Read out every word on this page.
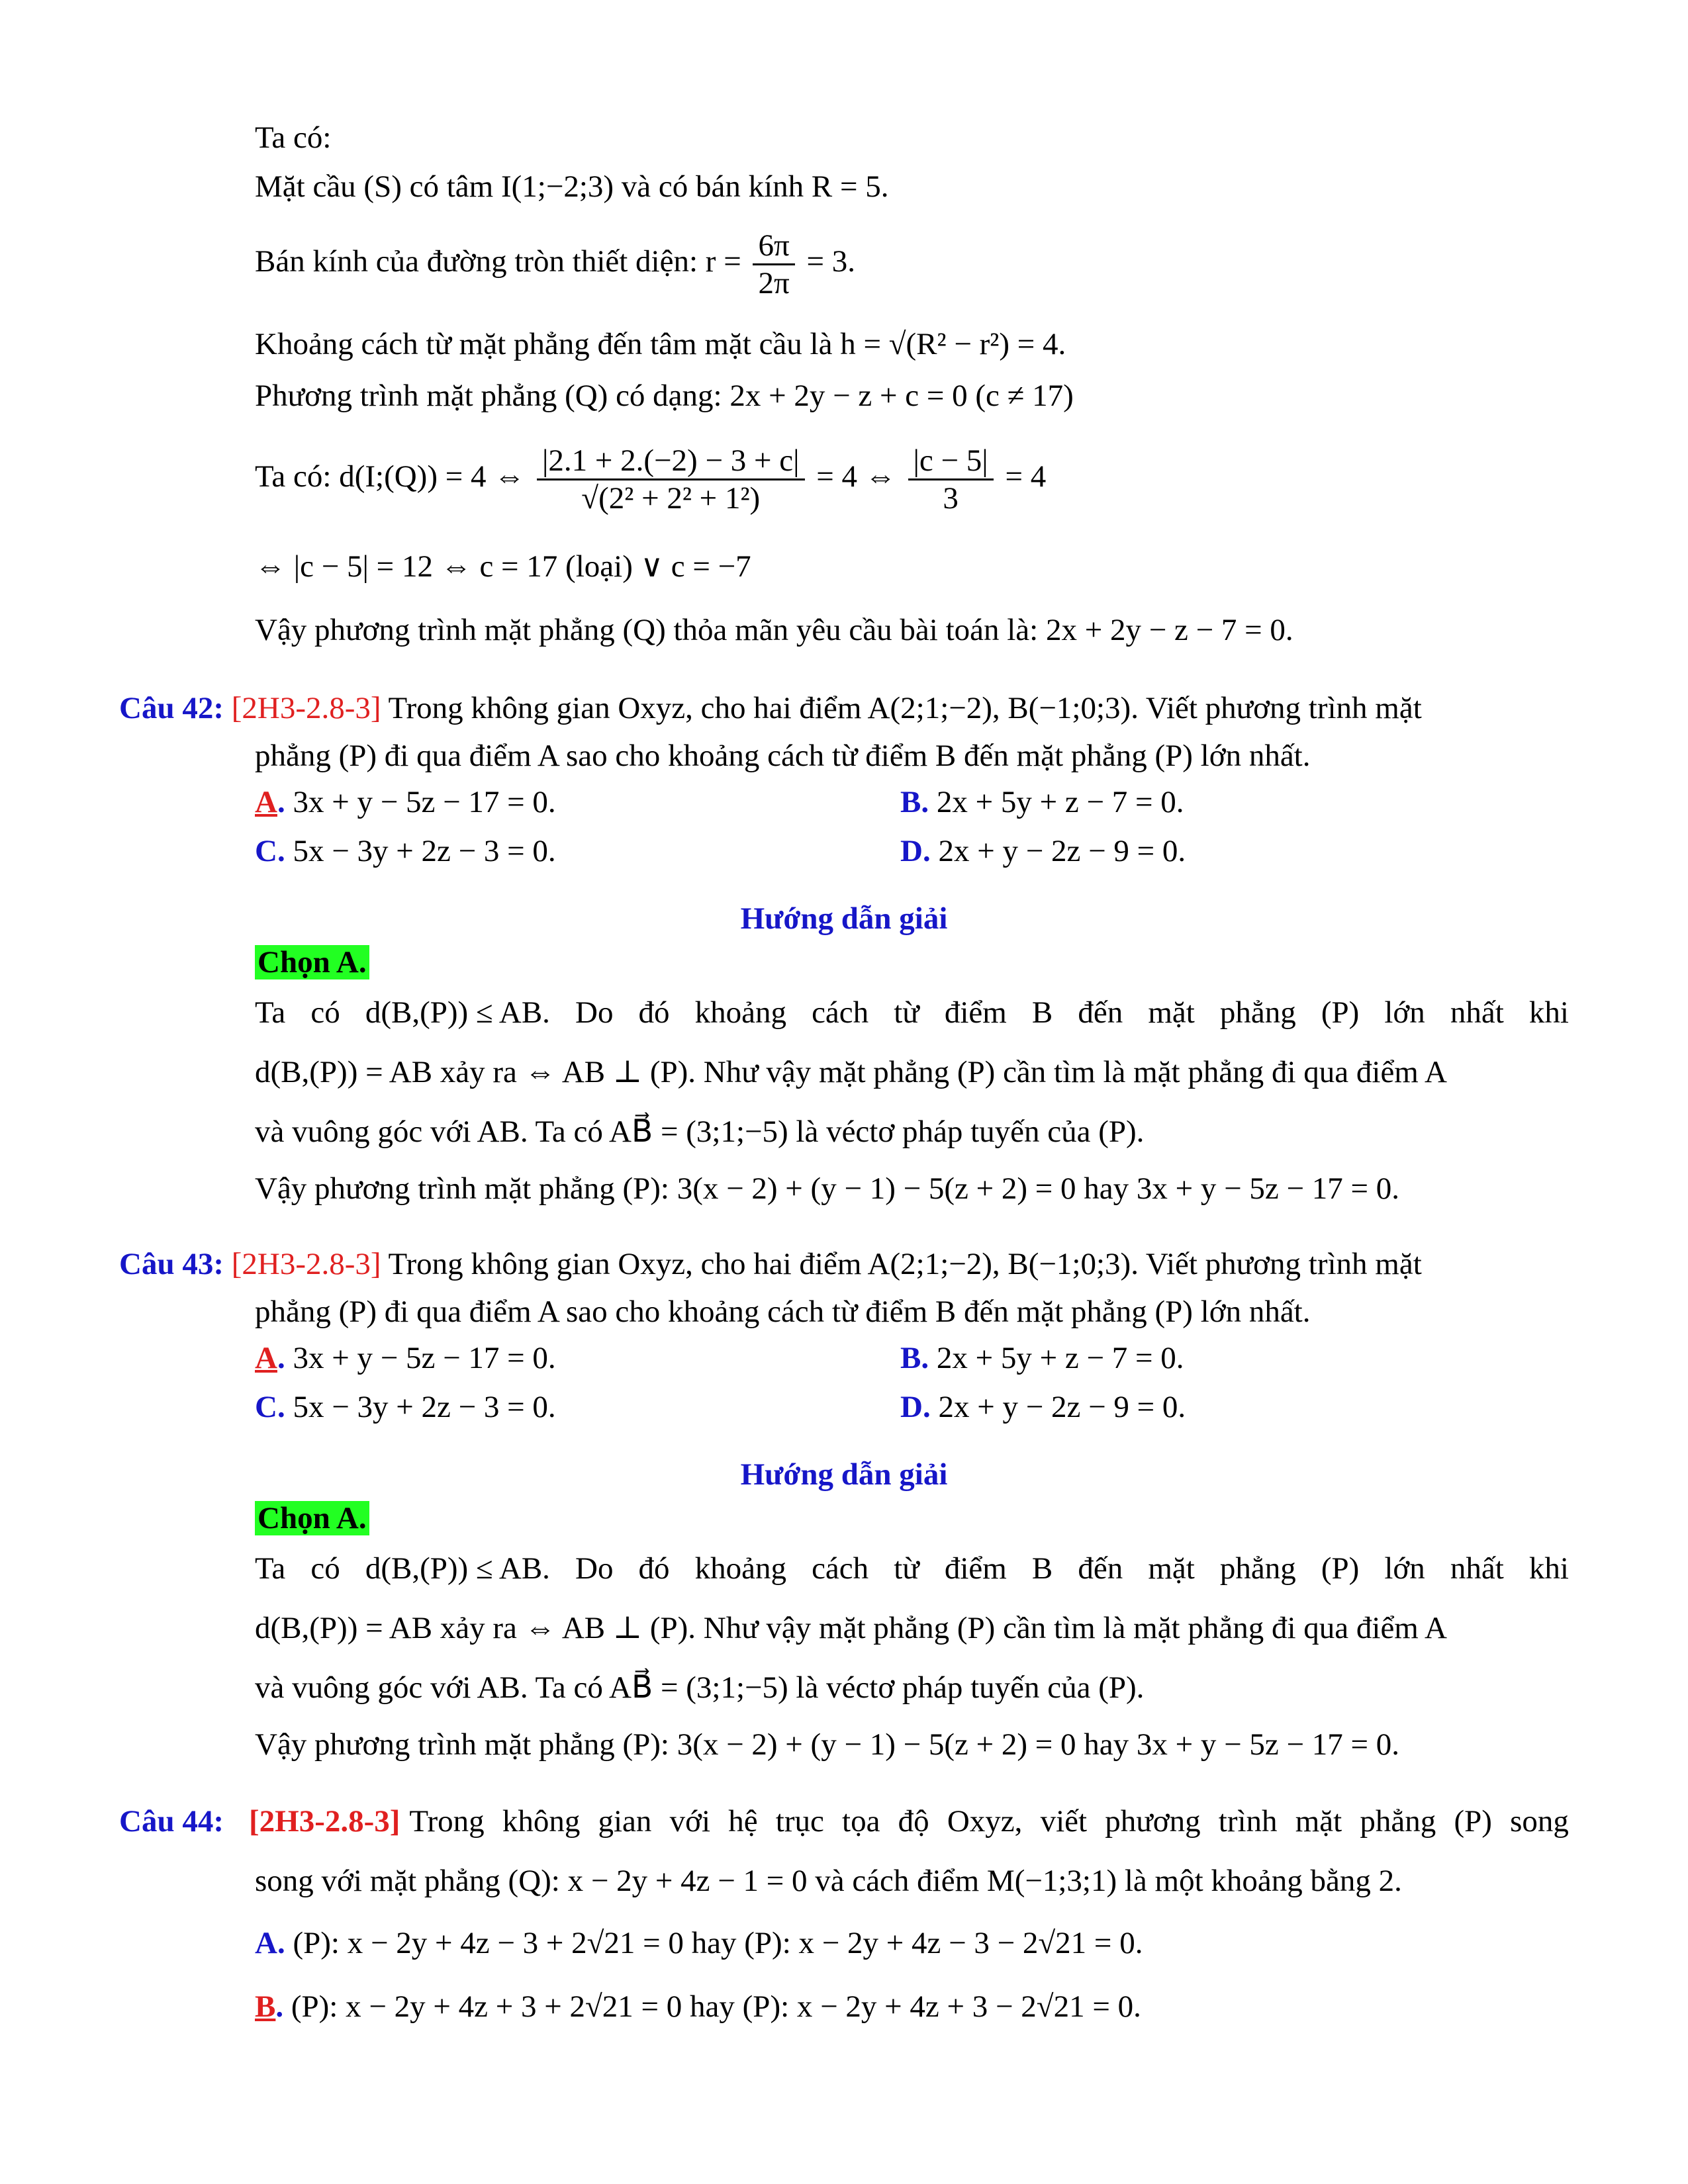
Ta có:
Mặt cầu (S) có tâm I(1;−2;3) và có bán kính R = 5.
Bán kính của đường tròn thiết diện: $r = \frac{6\pi}{2\pi} = 3$.
Khoảng cách từ mặt phẳng đến tâm mặt cầu là h = √(R² − r²) = 4.
Phương trình mặt phẳng (Q) có dạng: 2x + 2y − z + c = 0 (c ≠ 17)
Ta có: d(I;(Q)) = 4 ⇔ $\frac{|2.1 + 2.(-2) - 3 + c|}{\text{√(2² + 2² + 1²)}} = 4$ ⇔ $\frac{|c - 5|}{3} = 4$
⇔ |c − 5| = 12 ⇔ c = 17 (loại) ∨ c = −7
Vậy phương trình mặt phẳng (Q) thỏa mãn yêu cầu bài toán là: 2x + 2y − z − 7 = 0.
Câu 42: [2H3-2.8-3] Trong không gian Oxyz, cho hai điểm A(2;1;−2), B(−1;0;3). Viết phương trình mặt
phẳng (P) đi qua điểm A sao cho khoảng cách từ điểm B đến mặt phẳng (P) lớn nhất.
A. 3x + y − 5z − 17 = 0.	B. 2x + 5y + z − 7 = 0.
C. 5x − 3y + 2z − 3 = 0.	D. 2x + y − 2z − 9 = 0.
Hướng dẫn giải
Chọn A.
Ta có d(B,(P)) ≤ AB. Do đó khoảng cách từ điểm B đến mặt phẳng (P) lớn nhất khi
d(B,(P)) = AB xảy ra ⇔ AB ⊥ (P). Như vậy mặt phẳng (P) cần tìm là mặt phẳng đi qua điểm A
và vuông góc với AB. Ta có AB⃗ = (3;1;−5) là véctơ pháp tuyến của (P).
Vậy phương trình mặt phẳng (P): 3(x − 2) + (y − 1) − 5(z + 2) = 0 hay 3x + y − 5z − 17 = 0.
Câu 43: [2H3-2.8-3] Trong không gian Oxyz, cho hai điểm A(2;1;−2), B(−1;0;3). Viết phương trình mặt
phẳng (P) đi qua điểm A sao cho khoảng cách từ điểm B đến mặt phẳng (P) lớn nhất.
A. 3x + y − 5z − 17 = 0.	B. 2x + 5y + z − 7 = 0.
C. 5x − 3y + 2z − 3 = 0.	D. 2x + y − 2z − 9 = 0.
Hướng dẫn giải
Chọn A.
Ta có d(B,(P)) ≤ AB. Do đó khoảng cách từ điểm B đến mặt phẳng (P) lớn nhất khi
d(B,(P)) = AB xảy ra ⇔ AB ⊥ (P). Như vậy mặt phẳng (P) cần tìm là mặt phẳng đi qua điểm A
và vuông góc với AB. Ta có AB⃗ = (3;1;−5) là véctơ pháp tuyến của (P).
Vậy phương trình mặt phẳng (P): 3(x − 2) + (y − 1) − 5(z + 2) = 0 hay 3x + y − 5z − 17 = 0.
Câu 44: [2H3-2.8-3] Trong không gian với hệ trục tọa độ Oxyz, viết phương trình mặt phẳng (P) song
song với mặt phẳng (Q): x − 2y + 4z − 1 = 0 và cách điểm M(−1;3;1) là một khoảng bằng 2.
A. (P): x − 2y + 4z − 3 + 2√21 = 0 hay (P): x − 2y + 4z − 3 − 2√21 = 0.
B. (P): x − 2y + 4z + 3 + 2√21 = 0 hay (P): x − 2y + 4z + 3 − 2√21 = 0.
